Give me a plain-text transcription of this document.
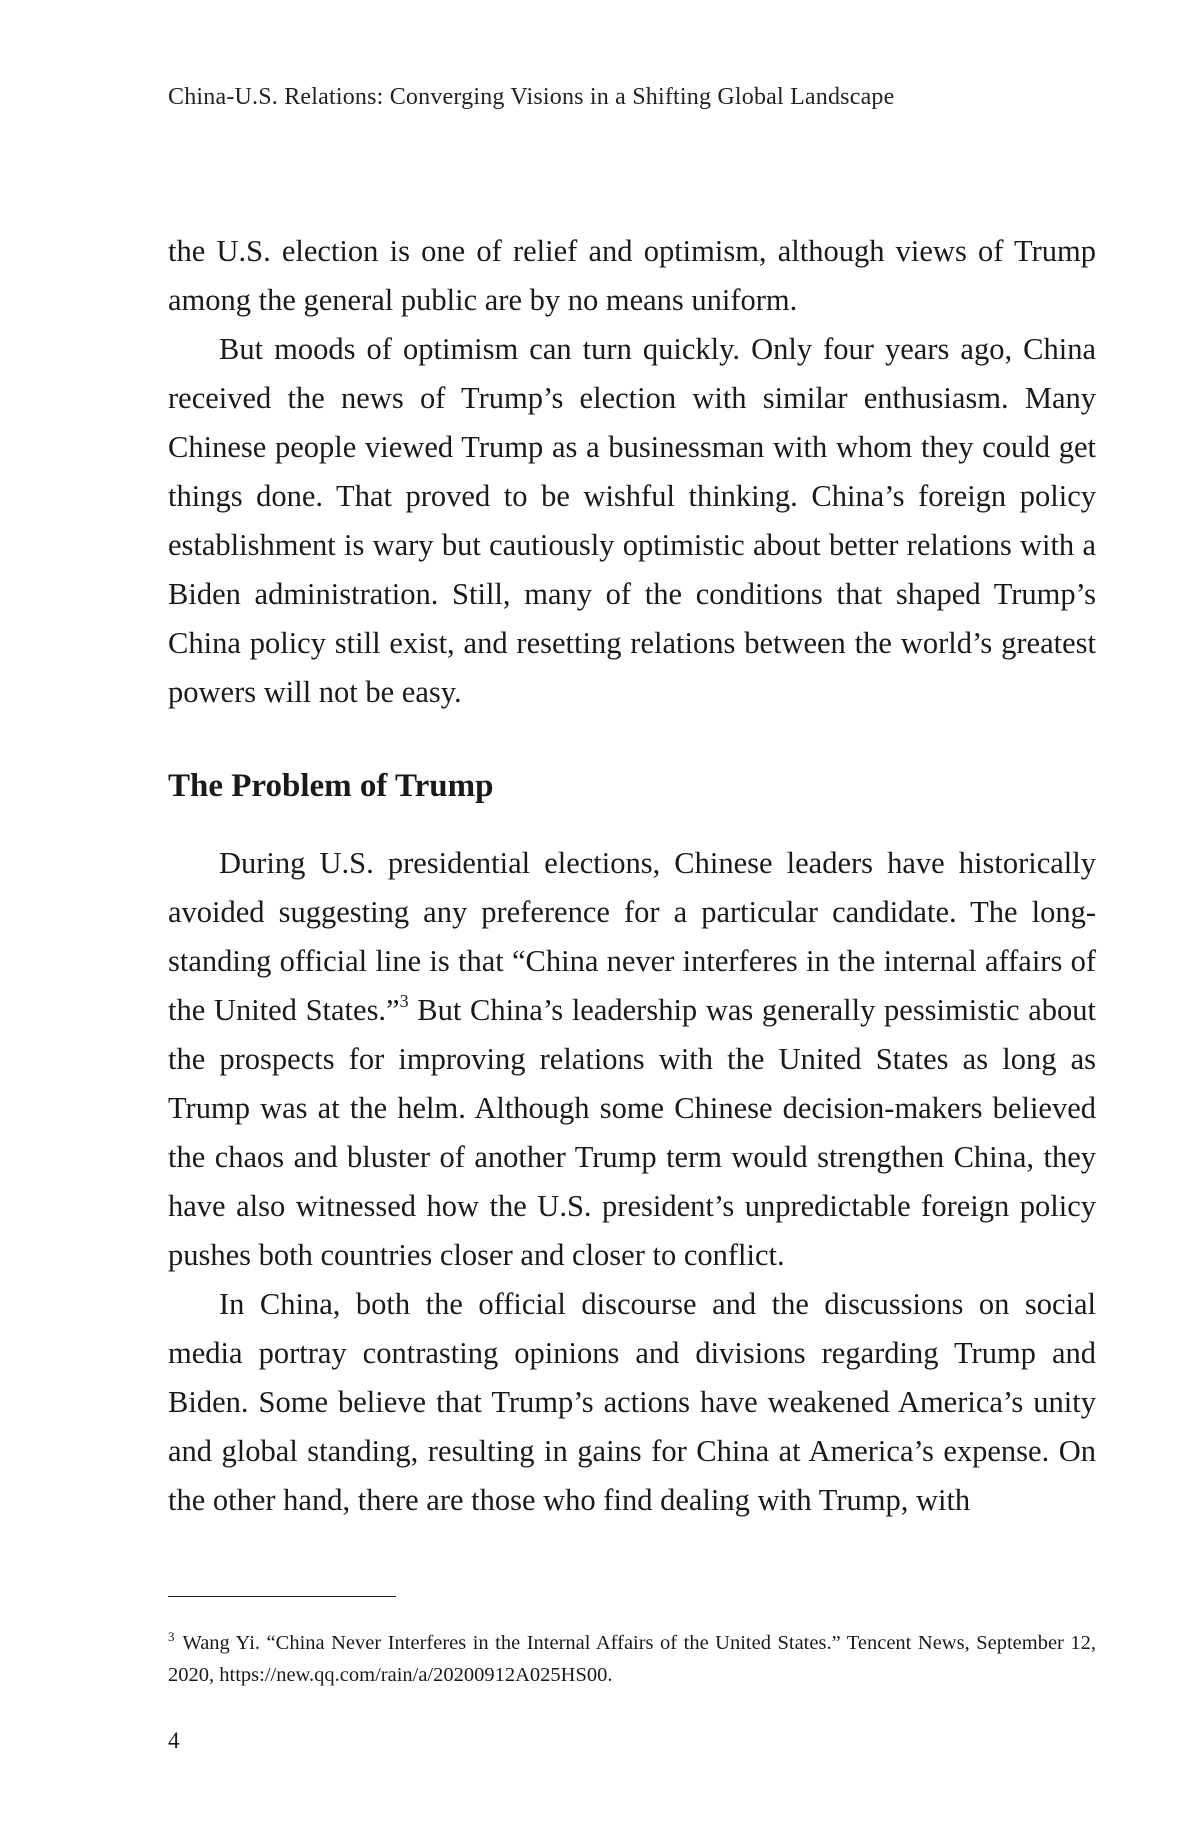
China-U.S. Relations: Converging Visions in a Shifting Global Landscape

the U.S. election is one of relief and optimism, although views of Trump among the general public are by no means uniform.

But moods of optimism can turn quickly. Only four years ago, China received the news of Trump’s election with similar enthusiasm. Many Chinese people viewed Trump as a businessman with whom they could get things done. That proved to be wishful thinking. China’s foreign policy establishment is wary but cautiously optimistic about better relations with a Biden administration. Still, many of the conditions that shaped Trump’s China policy still exist, and resetting relations between the world’s greatest powers will not be easy.

The Problem of Trump

During U.S. presidential elections, Chinese leaders have historically avoided suggesting any preference for a particular candidate. The long-standing official line is that “China never interferes in the internal affairs of the United States.”$^3$ But China’s leadership was generally pessimistic about the prospects for improving relations with the United States as long as Trump was at the helm. Although some Chinese decision-makers believed the chaos and bluster of another Trump term would strengthen China, they have also witnessed how the U.S. president’s unpredictable foreign policy pushes both countries closer and closer to conflict.

In China, both the official discourse and the discussions on social media portray contrasting opinions and divisions regarding Trump and Biden. Some believe that Trump’s actions have weakened America’s unity and global standing, resulting in gains for China at America’s expense. On the other hand, there are those who find dealing with Trump, with

$^3$ Wang Yi. “China Never Interferes in the Internal Affairs of the United States.” Tencent News, September 12, 2020, https://new.qq.com/rain/a/20200912A025HS00.
4
